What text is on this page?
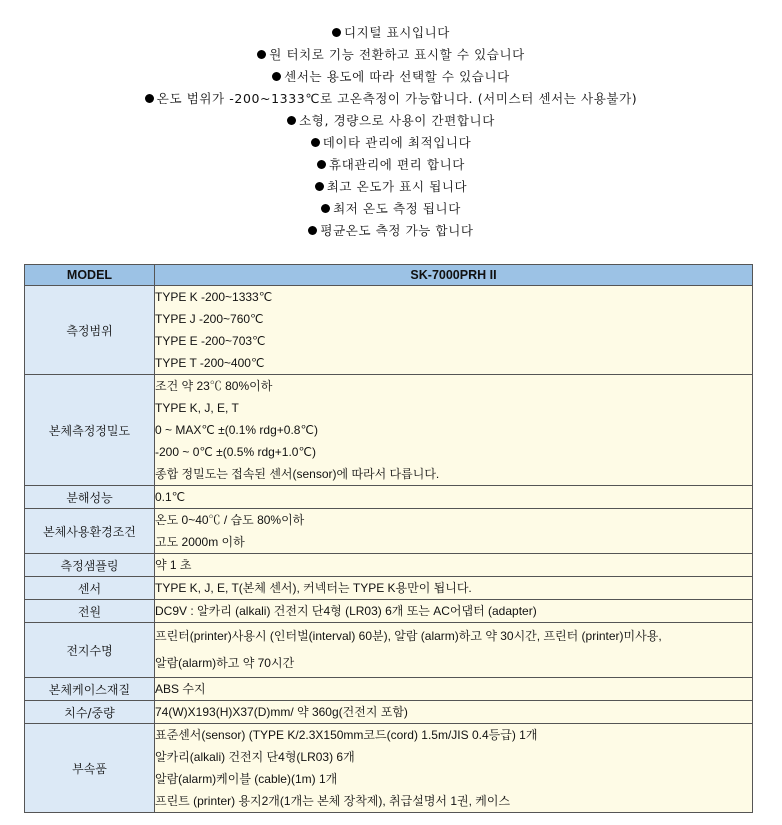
디지털 표시입니다
원 터치로 기능 전환하고 표시할 수 있습니다
센서는 용도에 따라 선택할 수 있습니다
온도 범위가 -200~1333℃로 고온측정이 가능합니다. (서미스터 센서는 사용불가)
소형, 경량으로 사용이 간편합니다
데이타 관리에 최적입니다
휴대관리에 편리 합니다
최고 온도가 표시 됩니다
최저 온도 측정 됩니다
평균온도 측정 가능 합니다
MODEL	SK-7000PRH II
측정범위	TYPE K -200~1333℃
TYPE J -200~760℃
TYPE E -200~703℃
TYPE T -200~400℃

본체측정정밀도	조건 약 23℃ 80%이하
TYPE K, J, E, T
0 ~ MAX℃ ±(0.1% rdg+0.8℃)
-200 ~ 0℃ ±(0.5% rdg+1.0℃)
종합 정밀도는 접속된 센서(sensor)에 따라서 다릅니다.

분해성능	0.1℃

본체사용환경조건	온도 0~40℃ / 습도 80%이하
고도 2000m 이하

측정샘플링	약 1 초

센서	TYPE K, J, E, T(본체 센서), 커넥터는 TYPE K용만이 됩니다.

전원	DC9V : 알카리 (alkali) 건전지 단4형 (LR03) 6개 또는 AC어댑터 (adapter)

전지수명	프린터(printer)사용시 (인터벌(interval) 60분), 알람 (alarm)하고 약 30시간, 프린터 (printer)미사용,
알람(alarm)하고 약 70시간

본체케이스재질	ABS 수지

치수/중량	74(W)X193(H)X37(D)mm/ 약 360g(건전지 포함)

부속품	표준센서(sensor) (TYPE K/2.3X150mm코드(cord) 1.5m/JIS 0.4등급) 1개
알카리(alkali) 건전지 단4형(LR03) 6개
알람(alarm)케이블 (cable)(1m) 1개
프린트 (printer) 용지2개(1개는 본체 장착제), 취급설명서 1권, 케이스
